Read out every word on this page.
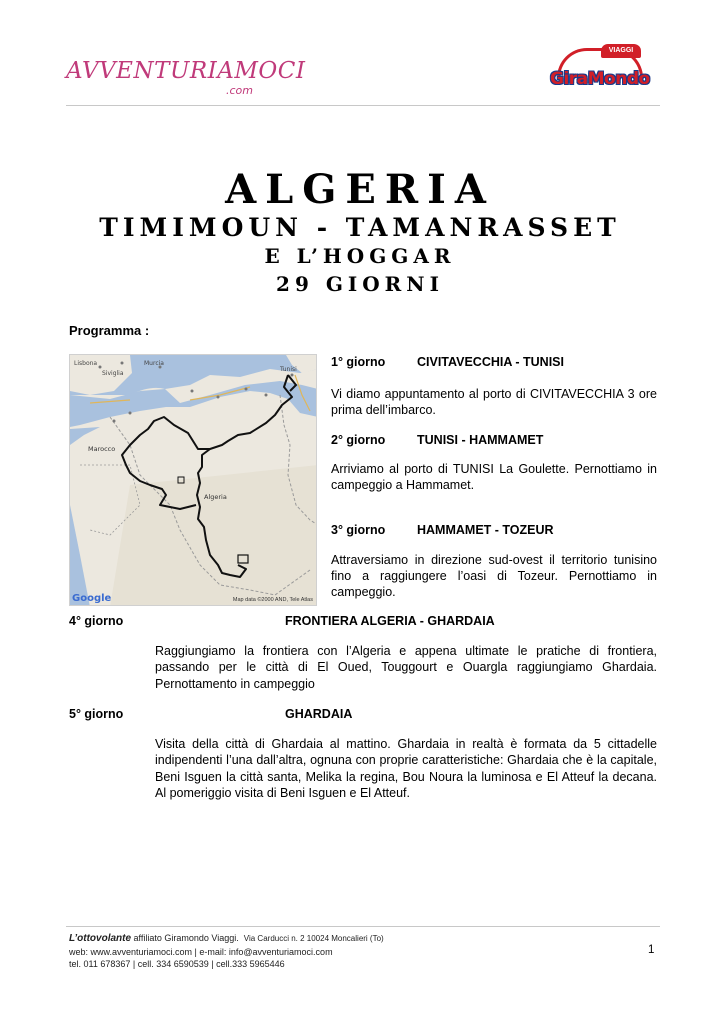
AVVENTURIAMOCI
.com
VIAGGI
GiraMondo
ALGERIA
TIMIMOUN - TAMANRASSET
E L’HOGGAR
29 GIORNI
Programma :
Siviglia
Murcia
Lisbona
Tunisi
Marocco
Algeria
Google	Map data ©2000 AND, Tele Atlas
1° giorno	CIVITAVECCHIA - TUNISI
Vi diamo appuntamento al porto di CIVITAVECCHIA 3 ore prima dell’imbarco.
2° giorno	TUNISI - HAMMAMET
Arriviamo al porto di TUNISI La Goulette. Pernottiamo in campeggio a Hammamet.
3° giorno	HAMMAMET - TOZEUR
Attraversiamo in direzione sud-ovest il territorio tunisino fino a raggiungere l’oasi di Tozeur. Pernottiamo in campeggio.
4° giorno	FRONTIERA ALGERIA - GHARDAIA
Raggiungiamo la frontiera con l’Algeria e appena ultimate le pratiche di frontiera, passando per le città di El Oued, Touggourt e Ouargla raggiungiamo Ghardaia. Pernottamento in campeggio
5° giorno	GHARDAIA
Visita della città di Ghardaia al mattino. Ghardaia in realtà è formata da 5 cittadelle indipendenti l’una dall’altra, ognuna con proprie caratteristiche: Ghardaia che è la capitale, Beni Isguen la città santa, Melika la regina, Bou Noura la luminosa e El Atteuf la decana. Al pomeriggio visita di Beni Isguen e El Atteuf.
L’ottovolante affiliato Giramondo Viaggi. Via Carducci n. 2 10024 Moncalieri (To)
web: www.avventuriamoci.com | e-mail: info@avventuriamoci.com
tel. 011 678367 | cell. 334 6590539 | cell.333 5965446
1
